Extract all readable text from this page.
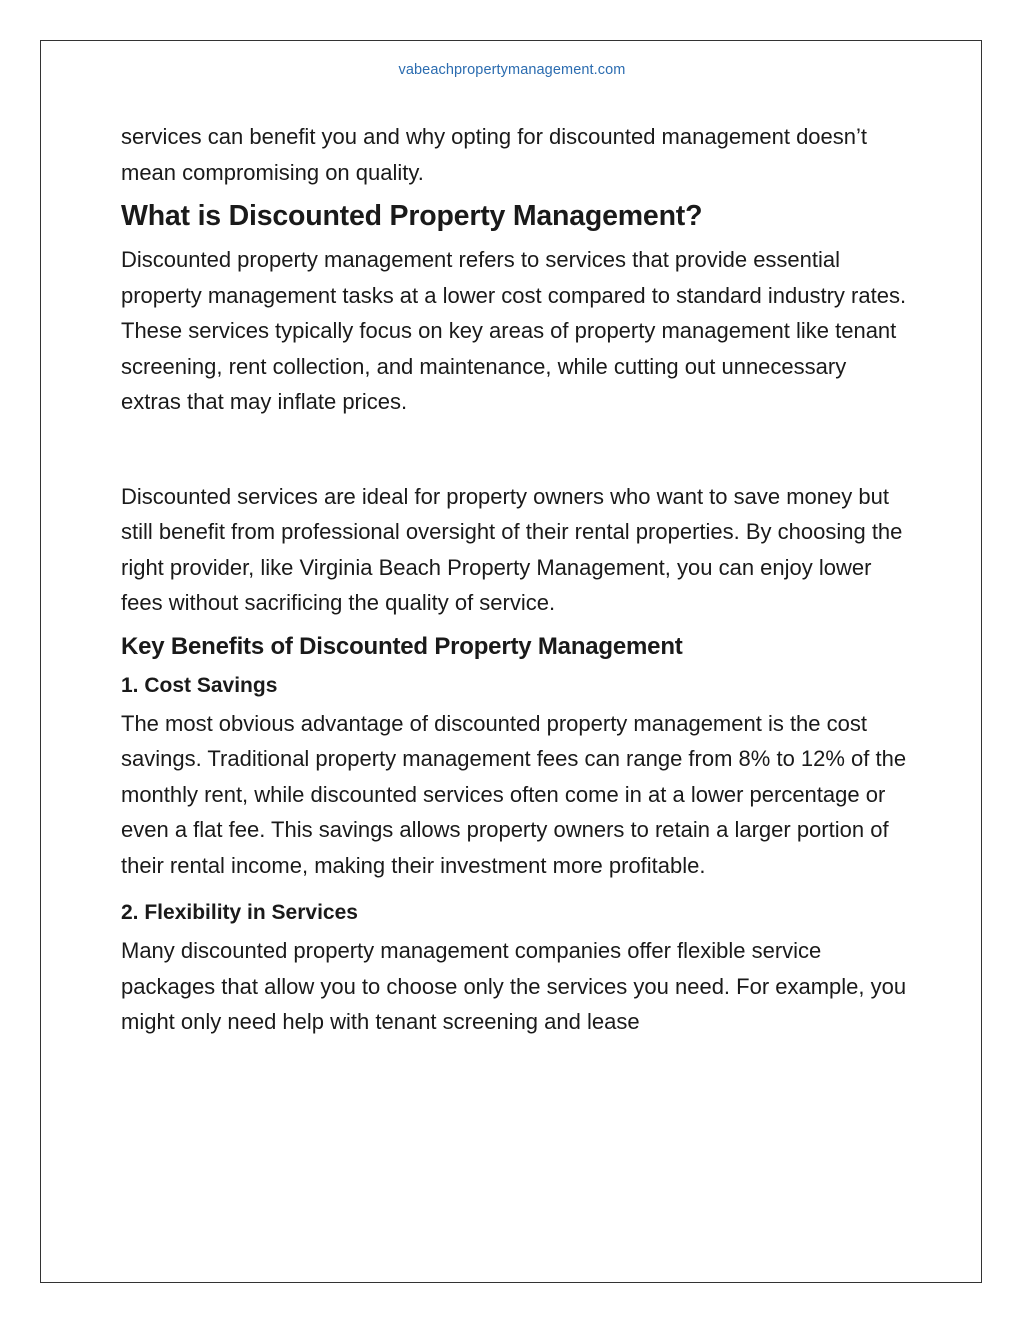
vabeachpropertymanagement.com

services can benefit you and why opting for discounted management doesn’t mean compromising on quality.

What is Discounted Property Management?

Discounted property management refers to services that provide essential property management tasks at a lower cost compared to standard industry rates. These services typically focus on key areas of property management like tenant screening, rent collection, and maintenance, while cutting out unnecessary extras that may inflate prices.

Discounted services are ideal for property owners who want to save money but still benefit from professional oversight of their rental properties. By choosing the right provider, like Virginia Beach Property Management, you can enjoy lower fees without sacrificing the quality of service.

Key Benefits of Discounted Property Management
1. Cost Savings

The most obvious advantage of discounted property management is the cost savings. Traditional property management fees can range from 8% to 12% of the monthly rent, while discounted services often come in at a lower percentage or even a flat fee. This savings allows property owners to retain a larger portion of their rental income, making their investment more profitable.

2. Flexibility in Services

Many discounted property management companies offer flexible service packages that allow you to choose only the services you need. For example, you might only need help with tenant screening and lease
